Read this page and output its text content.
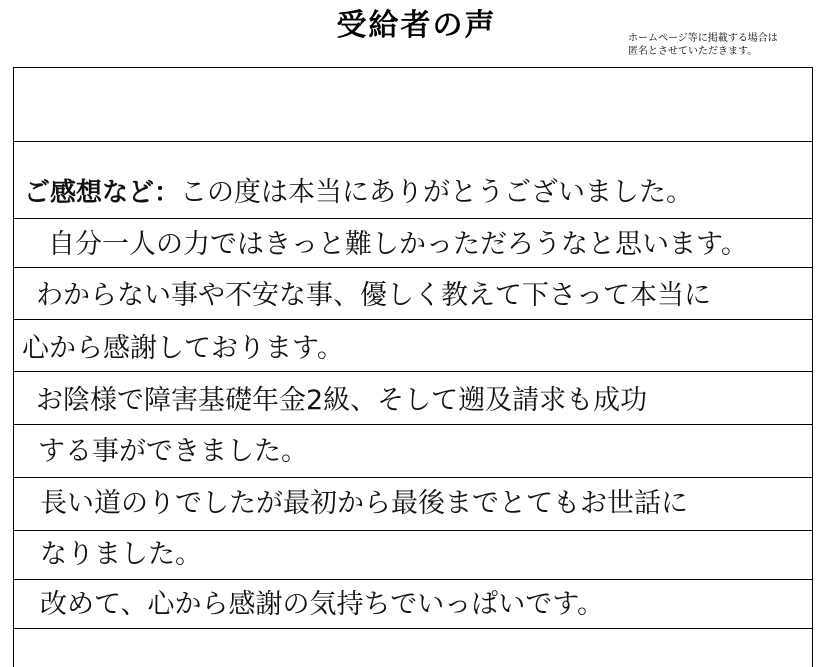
受給者の声	ホームページ等に掲載する場合は
匿名とさせていただきます。
ご感想など：この度は本当にありがとうございました。
自分一人の力ではきっと難しかっただろうなと思います。
わからない事や不安な事、優しく教えて下さって本当に
心から感謝しております。
お陰様で障害基礎年金2級、そして遡及請求も成功
する事ができました。
長い道のりでしたが最初から最後までとてもお世話に
なりました。
改めて、心から感謝の気持ちでいっぱいです。
